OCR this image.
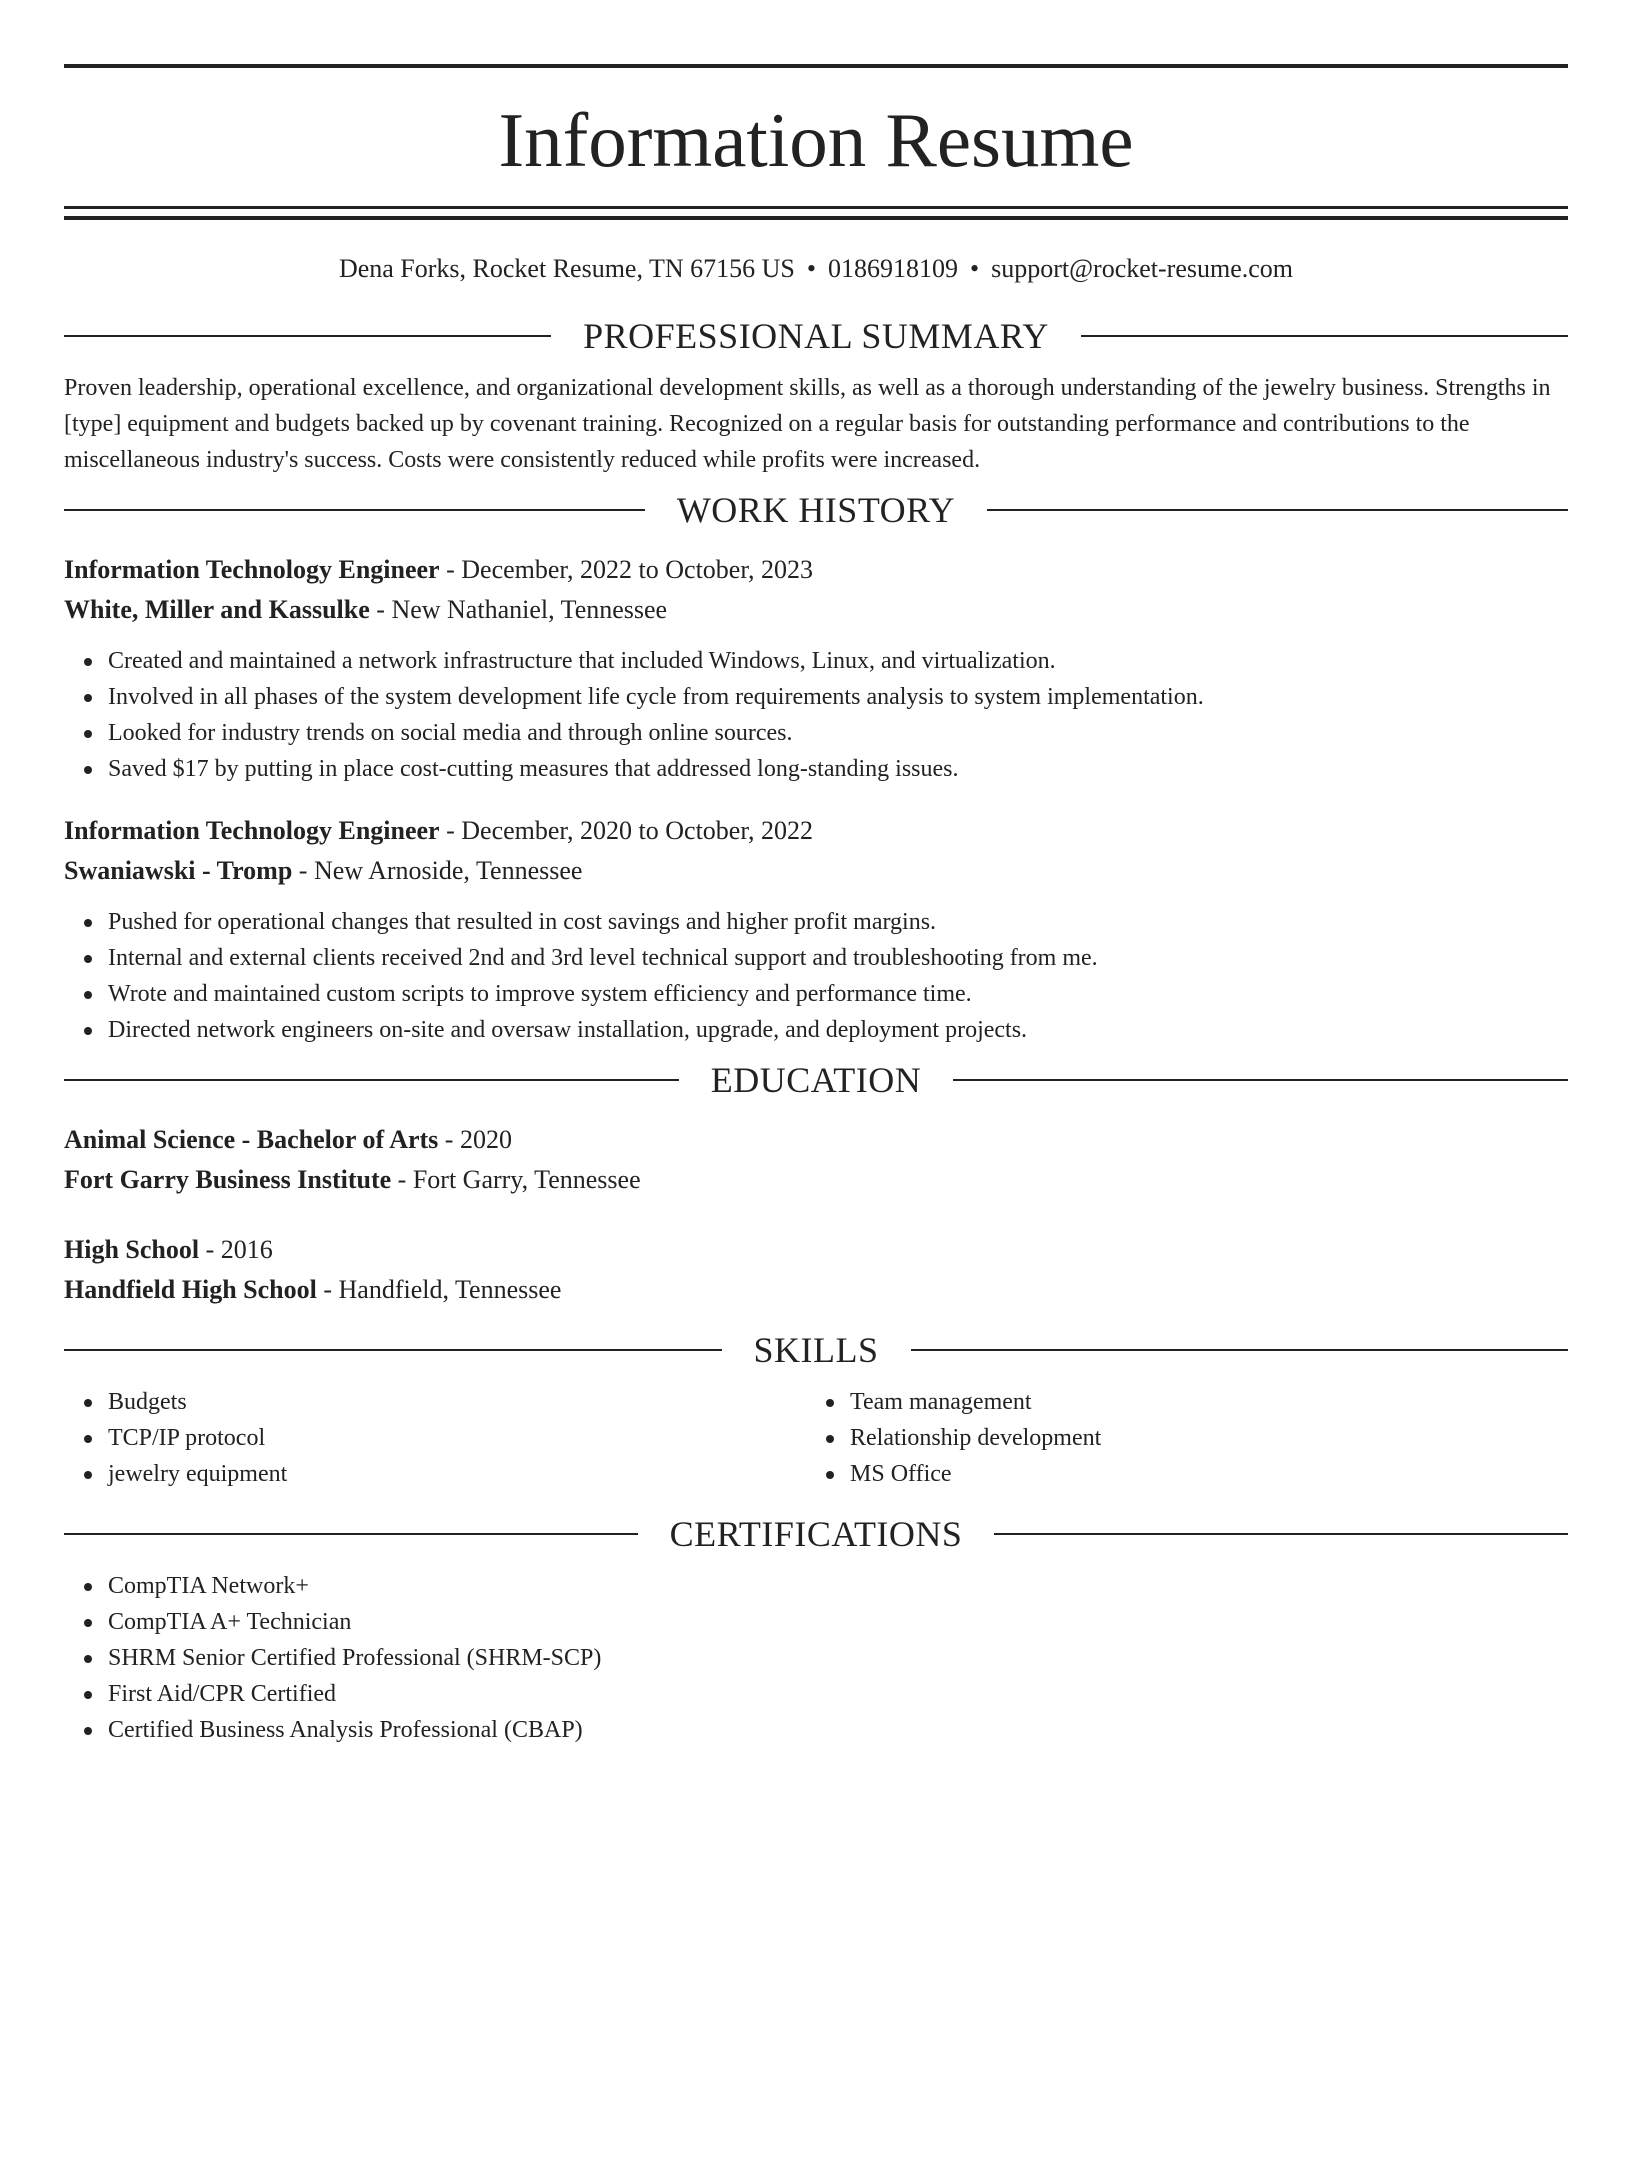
Information Resume
Dena Forks, Rocket Resume, TN 67156 US • 0186918109 • support@rocket-resume.com
PROFESSIONAL SUMMARY

Proven leadership, operational excellence, and organizational development skills, as well as a thorough understanding of the jewelry business. Strengths in [type] equipment and budgets backed up by covenant training. Recognized on a regular basis for outstanding performance and contributions to the miscellaneous industry's success. Costs were consistently reduced while profits were increased.

WORK HISTORY
Information Technology Engineer - December, 2022 to October, 2023
White, Miller and Kassulke - New Nathaniel, Tennessee
Created and maintained a network infrastructure that included Windows, Linux, and virtualization.
Involved in all phases of the system development life cycle from requirements analysis to system implementation.
Looked for industry trends on social media and through online sources.
Saved $17 by putting in place cost-cutting measures that addressed long-standing issues.
Information Technology Engineer - December, 2020 to October, 2022
Swaniawski - Tromp - New Arnoside, Tennessee
Pushed for operational changes that resulted in cost savings and higher profit margins.
Internal and external clients received 2nd and 3rd level technical support and troubleshooting from me.
Wrote and maintained custom scripts to improve system efficiency and performance time.
Directed network engineers on-site and oversaw installation, upgrade, and deployment projects.
EDUCATION
Animal Science - Bachelor of Arts - 2020
Fort Garry Business Institute - Fort Garry, Tennessee
High School - 2016
Handfield High School - Handfield, Tennessee
SKILLS
Budgets
TCP/IP protocol
jewelry equipment
Team management
Relationship development
MS Office
CERTIFICATIONS
CompTIA Network+
CompTIA A+ Technician
SHRM Senior Certified Professional (SHRM-SCP)
First Aid/CPR Certified
Certified Business Analysis Professional (CBAP)
